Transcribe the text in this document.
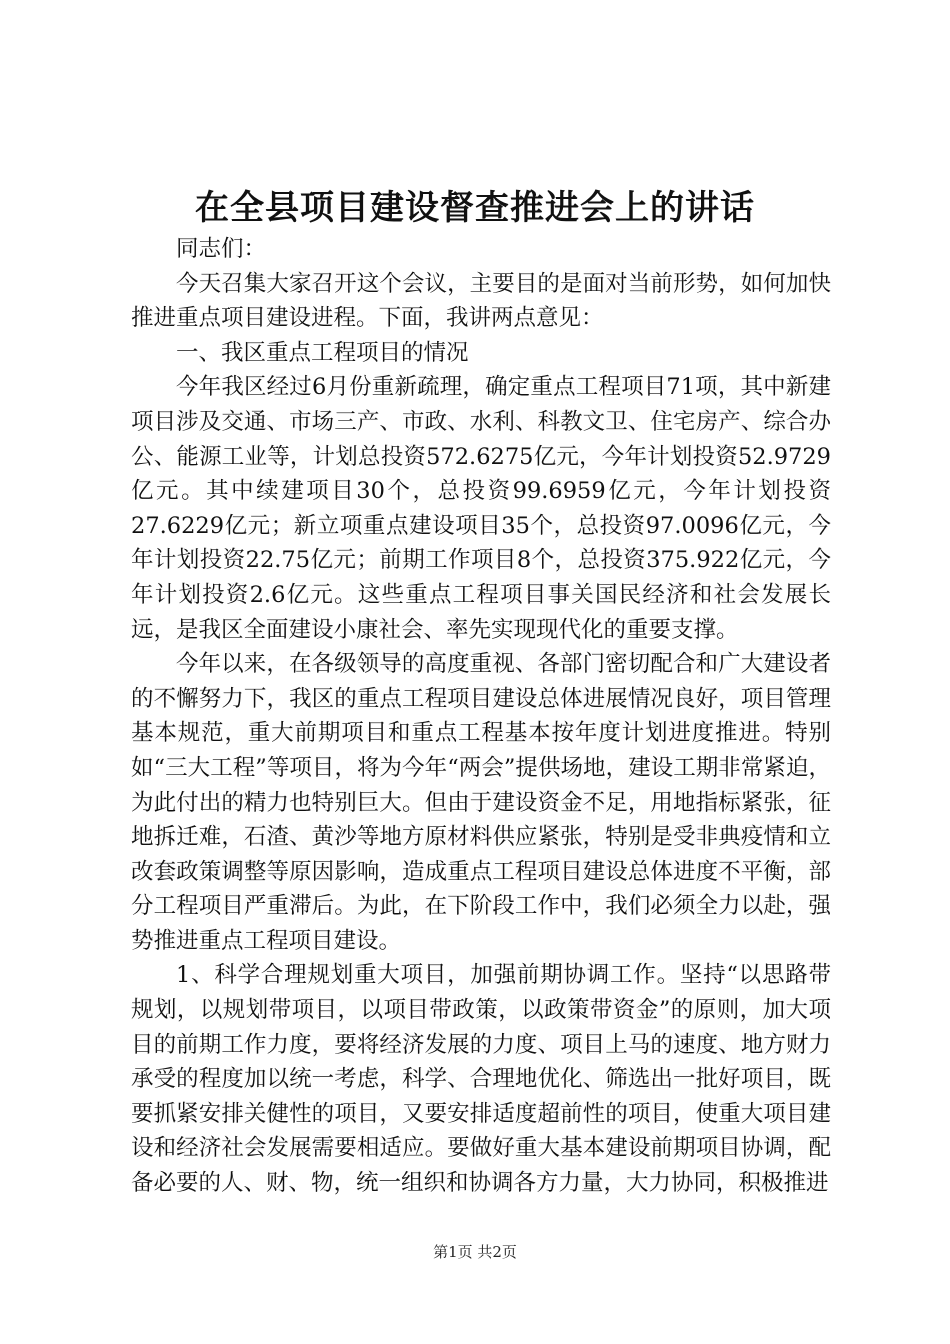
在全县项目建设督查推进会上的讲话

同志们：

今天召集大家召开这个会议，主要目的是面对当前形势，如何加快推进重点项目建设进程。下面，我讲两点意见：

一、我区重点工程项目的情况

今年我区经过6月份重新疏理，确定重点工程项目71项，其中新建项目涉及交通、市场三产、市政、水利、科教文卫、住宅房产、综合办公、能源工业等，计划总投资572.6275亿元，今年计划投资52.9729亿元。其中续建项目30个，总投资99.6959亿元，今年计划投资27.6229亿元；新立项重点建设项目35个，总投资97.0096亿元，今年计划投资22.75亿元；前期工作项目8个，总投资375.922亿元，今年计划投资2.6亿元。这些重点工程项目事关国民经济和社会发展长远，是我区全面建设小康社会、率先实现现代化的重要支撑。

今年以来，在各级领导的高度重视、各部门密切配合和广大建设者的不懈努力下，我区的重点工程项目建设总体进展情况良好，项目管理基本规范，重大前期项目和重点工程基本按年度计划进度推进。特别如“三大工程”等项目，将为今年“两会”提供场地，建设工期非常紧迫，为此付出的精力也特别巨大。但由于建设资金不足，用地指标紧张，征地拆迁难，石渣、黄沙等地方原材料供应紧张，特别是受非典疫情和立改套政策调整等原因影响，造成重点工程项目建设总体进度不平衡，部分工程项目严重滞后。为此，在下阶段工作中，我们必须全力以赴，强势推进重点工程项目建设。

1、科学合理规划重大项目，加强前期协调工作。坚持“以思路带规划，以规划带项目，以项目带政策，以政策带资金”的原则，加大项目的前期工作力度，要将经济发展的力度、项目上马的速度、地方财力承受的程度加以统一考虑，科学、合理地优化、筛选出一批好项目，既要抓紧安排关健性的项目，又要安排适度超前性的项目，使重大项目建设和经济社会发展需要相适应。要做好重大基本建设前期项目协调，配备必要的人、财、物，统一组织和协调各方力量，大力协同，积极推进

第1页 共2页
